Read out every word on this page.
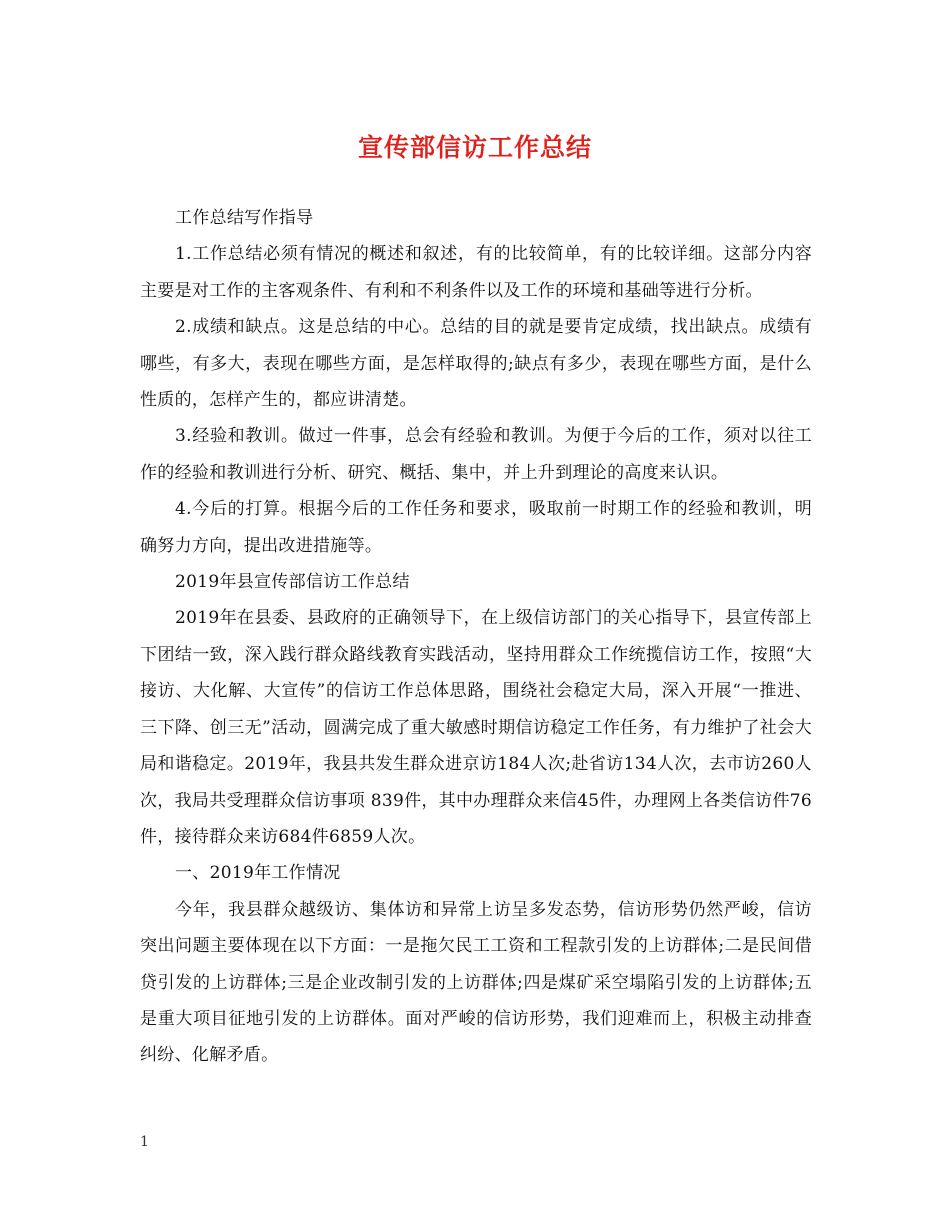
宣传部信访工作总结

工作总结写作指导

1.工作总结必须有情况的概述和叙述，有的比较简单，有的比较详细。这部分内容主要是对工作的主客观条件、有利和不利条件以及工作的环境和基础等进行分析。

2.成绩和缺点。这是总结的中心。总结的目的就是要肯定成绩，找出缺点。成绩有哪些，有多大，表现在哪些方面，是怎样取得的;缺点有多少，表现在哪些方面，是什么性质的，怎样产生的，都应讲清楚。

3.经验和教训。做过一件事，总会有经验和教训。为便于今后的工作，须对以往工作的经验和教训进行分析、研究、概括、集中，并上升到理论的高度来认识。

4.今后的打算。根据今后的工作任务和要求，吸取前一时期工作的经验和教训，明确努力方向，提出改进措施等。

2019年县宣传部信访工作总结

2019年在县委、县政府的正确领导下，在上级信访部门的关心指导下，县宣传部上下团结一致，深入践行群众路线教育实践活动，坚持用群众工作统揽信访工作，按照“大接访、大化解、大宣传”的信访工作总体思路，围绕社会稳定大局，深入开展“一推进、三下降、创三无”活动，圆满完成了重大敏感时期信访稳定工作任务，有力维护了社会大局和谐稳定。2019年，我县共发生群众进京访184人次;赴省访134人次，去市访260人次，我局共受理群众信访事项 839件，其中办理群众来信45件，办理网上各类信访件76件，接待群众来访684件6859人次。

一、2019年工作情况

今年，我县群众越级访、集体访和异常上访呈多发态势，信访形势仍然严峻，信访突出问题主要体现在以下方面：一是拖欠民工工资和工程款引发的上访群体;二是民间借贷引发的上访群体;三是企业改制引发的上访群体;四是煤矿采空塌陷引发的上访群体;五是重大项目征地引发的上访群体。面对严峻的信访形势，我们迎难而上，积极主动排查纠纷、化解矛盾。

1
